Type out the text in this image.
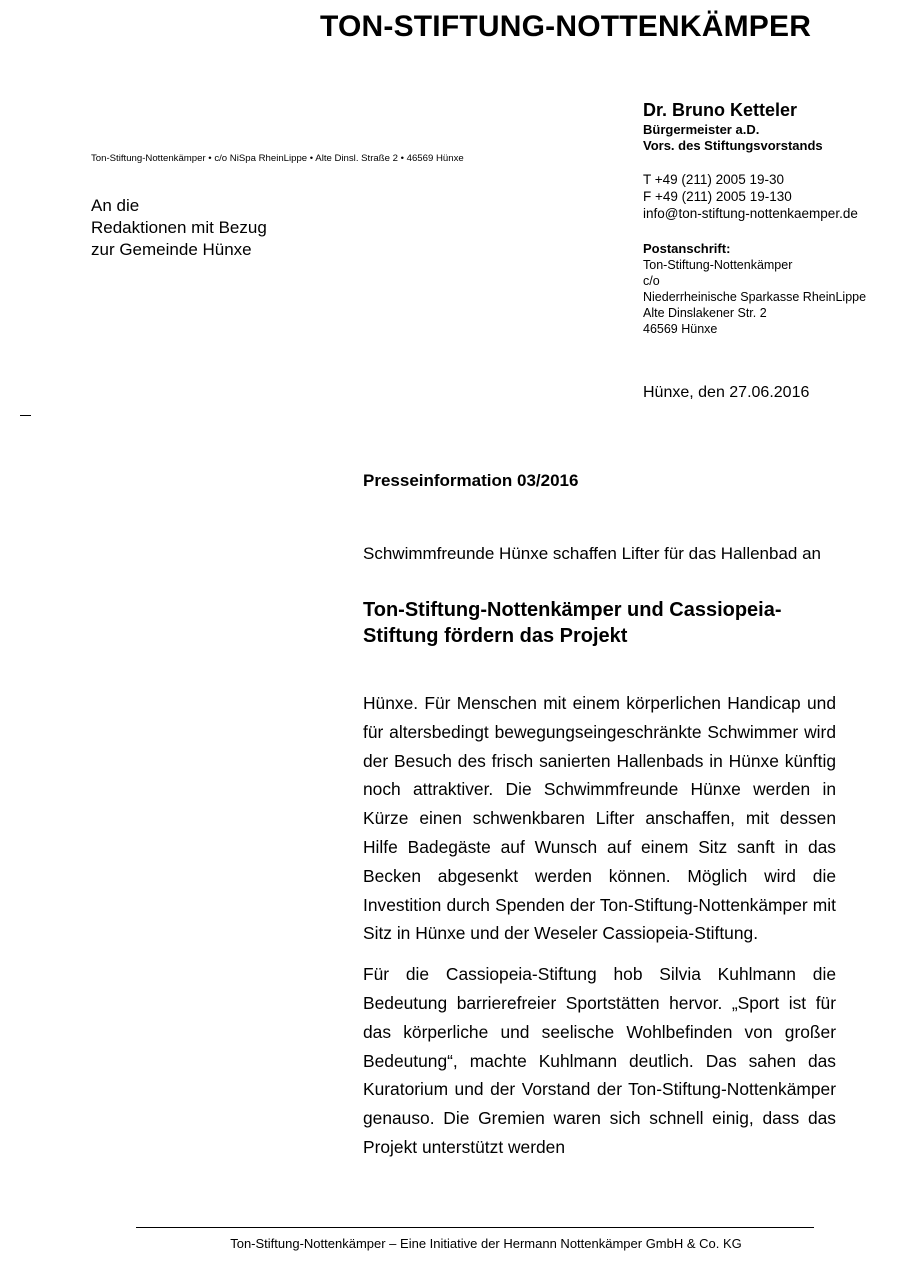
TON-STIFTUNG-NOTTENKÄMPER
Ton-Stiftung-Nottenkämper • c/o NiSpa RheinLippe • Alte Dinsl. Straße 2 • 46569 Hünxe
An die
Redaktionen mit Bezug
zur Gemeinde Hünxe
Dr. Bruno Ketteler
Bürgermeister a.D.
Vors. des Stiftungsvorstands
T +49 (211) 2005 19-30
F +49 (211) 2005 19-130
info@ton-stiftung-nottenkaemper.de
Postanschrift:
Ton-Stiftung-Nottenkämper
c/o
Niederrheinische Sparkasse RheinLippe
Alte Dinslakener Str. 2
46569 Hünxe
Hünxe, den 27.06.2016
Presseinformation 03/2016
Schwimmfreunde Hünxe schaffen Lifter für das Hallenbad an
Ton-Stiftung-Nottenkämper und Cassiopeia-Stiftung fördern das Projekt

Hünxe. Für Menschen mit einem körperlichen Handicap und für altersbedingt bewegungseingeschränkte Schwimmer wird der Besuch des frisch sanierten Hallenbads in Hünxe künftig noch attraktiver. Die Schwimmfreunde Hünxe werden in Kürze einen schwenkbaren Lifter anschaffen, mit dessen Hilfe Badegäste auf Wunsch auf einem Sitz sanft in das Becken abgesenkt werden können. Möglich wird die Investition durch Spenden der Ton-Stiftung-Nottenkämper mit Sitz in Hünxe und der Weseler Cassiopeia-Stiftung.

Für die Cassiopeia-Stiftung hob Silvia Kuhlmann die Bedeutung barrierefreier Sportstätten hervor. „Sport ist für das körperliche und seelische Wohlbefinden von großer Bedeutung“, machte Kuhlmann deutlich. Das sahen das Kuratorium und der Vorstand der Ton-Stiftung-Nottenkämper genauso. Die Gremien waren sich schnell einig, dass das Projekt unterstützt werden

Ton-Stiftung-Nottenkämper – Eine Initiative der Hermann Nottenkämper GmbH & Co. KG
